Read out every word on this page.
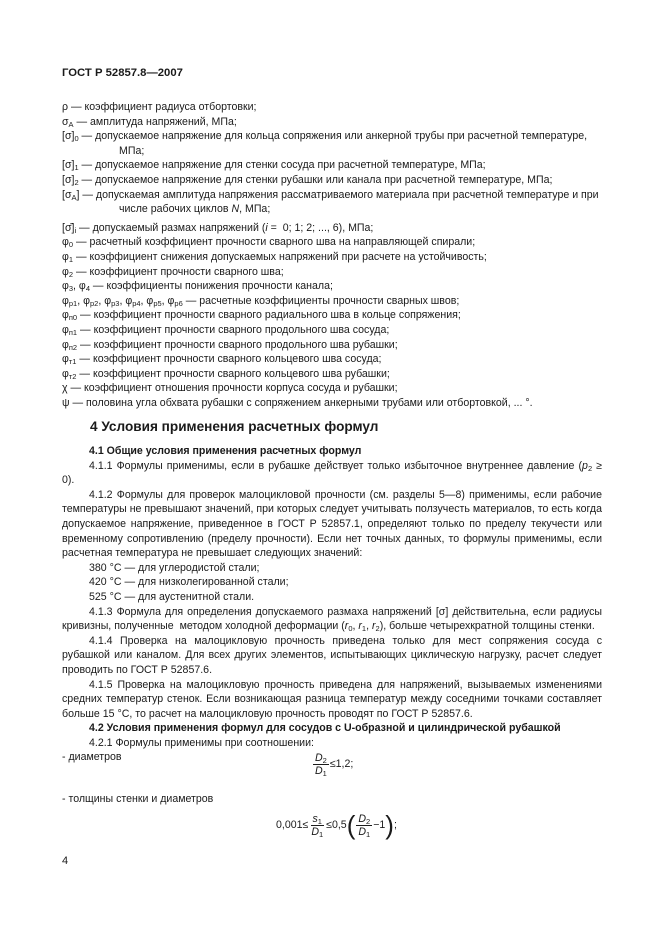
ГОСТ Р 52857.8—2007
ρ — коэффициент радиуса отбортовки;
$\sigma_A$ — амплитуда напряжений, МПа;
$[\sigma]_0$ — допускаемое напряжение для кольца сопряжения или анкерной трубы при расчетной температуре, МПа;
$[\sigma]_1$ — допускаемое напряжение для стенки сосуда при расчетной температуре, МПа;
$[\sigma]_2$ — допускаемое напряжение для стенки рубашки или канала при расчетной температуре, МПа;
$[\sigma_A]$ — допускаемая амплитуда напряжения рассматриваемого материала при расчетной температуре и при числе рабочих циклов N, МПа;
$[\sigmā]_i$ — допускаемый размах напряжений (i =  0; 1; 2; ..., 6), МПа;
$\varphi_0$ — расчетный коэффициент прочности сварного шва на направляющей спирали;
$\varphi_1$ — коэффициент снижения допускаемых напряжений при расчете на устойчивость;
$\varphi_2$ — коэффициент прочности сварного шва;
$\varphi_3$, $\varphi_4$ — коэффициенты понижения прочности канала;
$\varphi_{р1}$, $\varphi_{р2}$, $\varphi_{р3}$, $\varphi_{р4}$, $\varphi_{р5}$, $\varphi_{р6}$ — расчетные коэффициенты прочности сварных швов;
$\varphi_{п0}$ — коэффициент прочности сварного радиального шва в кольце сопряжения;
$\varphi_{п1}$ — коэффициент прочности сварного продольного шва сосуда;
$\varphi_{п2}$ — коэффициент прочности сварного продольного шва рубашки;
$\varphi_{т1}$ — коэффициент прочности сварного кольцевого шва сосуда;
$\varphi_{т2}$ — коэффициент прочности сварного кольцевого шва рубашки;
χ — коэффициент отношения прочности корпуса сосуда и рубашки;
ψ — половина угла обхвата рубашки с сопряжением анкерными трубами или отбортовкой, ... °.
4 Условия применения расчетных формул
4.1 Общие условия применения расчетных формул
4.1.1 Формулы применимы, если в рубашке действует только избыточное внутреннее давление $(p_2 \ge 0)$.
4.1.2 Формулы для проверок малоцикловой прочности (см. разделы 5—8) применимы, если рабочие температуры не превышают значений, при которых следует учитывать ползучесть материалов, то есть когда допускаемое напряжение, приведенное в ГОСТ Р 52857.1, определяют только по пределу текучести или временному сопротивлению (пределу прочности). Если нет точных данных, то формулы применимы, если расчетная температура не превышает следующих значений:
380 °С — для углеродистой стали;
420 °С — для низколегированной стали;
525 °С — для аустенитной стали.
4.1.3 Формула для определения допускаемого размаха напряжений [σ] действительна, если радиусы кривизны, полученные  методом холодной деформации ($r_0$, $r_1$, $r_2$), больше четырехкратной толщины стенки.
4.1.4 Проверка на малоцикловую прочность приведена только для мест сопряжения сосуда с рубашкой или каналом. Для всех других элементов, испытывающих циклическую нагрузку, расчет следует проводить по ГОСТ Р 52857.6.
4.1.5 Проверка на малоцикловую прочность приведена для напряжений, вызываемых изменениями средних температур стенок. Если возникающая разница температур между соседними точками составляет больше 15 °С, то расчет на малоцикловую прочность проводят по ГОСТ Р 52857.6.
4.2 Условия применения формул для сосудов с U-образной и цилиндрической рубашкой
4.2.1 Формулы применимы при соотношении:
- диаметров	$\frac{D_2}{D_1} \le 1,2$;
- толщины стенки и диаметров
$0,001\le \frac{s_1}{D_1} \le 0,5$ ( $\frac{D_2}{D_1} -1$ ) ;
4
